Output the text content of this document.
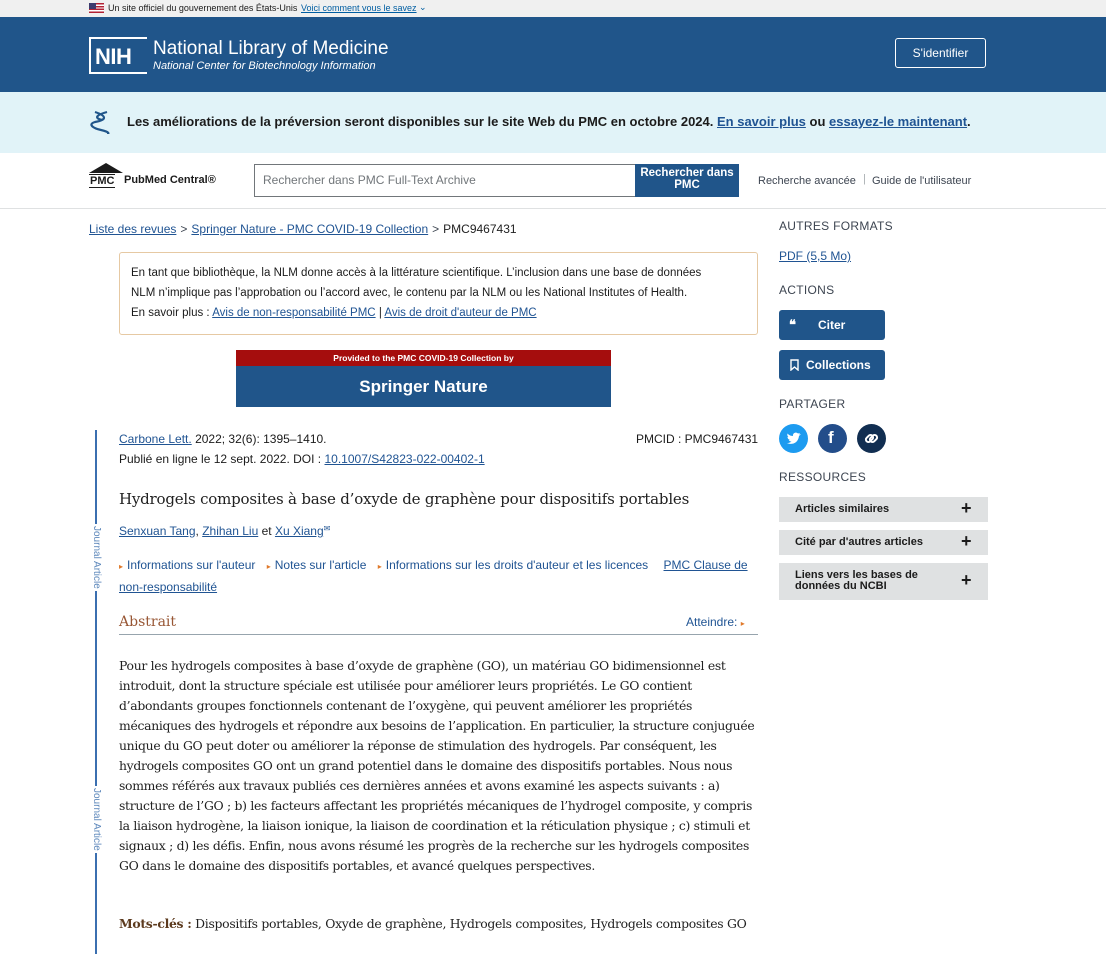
Un site officiel du gouvernement des États-Unis Voici comment vous le savez ⌄
NIH National Library of Medicine
National Center for Biotechnology Information
S'identifier
Les améliorations de la préversion seront disponibles sur le site Web du PMC en octobre 2024. En savoir plus ou essayez-le maintenant.
PMC PubMed Central®	Rechercher dans PMC Full-Text Archive	Rechercher dans PMC	Recherche avancée | Guide de l'utilisateur
Liste des revues > Springer Nature - PMC COVID-19 Collection > PMC9467431
En tant que bibliothèque, la NLM donne accès à la littérature scientifique. L’inclusion dans une base de données
NLM n’implique pas l’approbation ou l’accord avec, le contenu par la NLM ou les National Institutes of Health.
En savoir plus : Avis de non-responsabilité PMC | Avis de droit d'auteur de PMC
Provided to the PMC COVID-19 Collection by
Springer Nature
Journal Article
Journal Article
Carbone Lett. 2022; 32(6): 1395–1410.	PMCID : PMC9467431
Publié en ligne le 12 sept. 2022. DOI : 10.1007/S42823-022-00402-1
Hydrogels composites à base d’oxyde de graphène pour dispositifs portables
Senxuan Tang, Zhihan Liu et Xu Xiang✉
▸ Informations sur l'auteur ▸ Notes sur l'article ▸ Informations sur les droits d'auteur et les licences PMC Clause de non-responsabilité
Abstrait	Atteindre: ▸
Pour les hydrogels composites à base d’oxyde de graphène (GO), un matériau GO bidimensionnel est introduit, dont la structure spéciale est utilisée pour améliorer leurs propriétés. Le GO contient d’abondants groupes fonctionnels contenant de l’oxygène, qui peuvent améliorer les propriétés mécaniques des hydrogels et répondre aux besoins de l’application. En particulier, la structure conjuguée unique du GO peut doter ou améliorer la réponse de stimulation des hydrogels. Par conséquent, les hydrogels composites GO ont un grand potentiel dans le domaine des dispositifs portables. Nous nous sommes référés aux travaux publiés ces dernières années et avons examiné les aspects suivants : a) structure de l’GO ; b) les facteurs affectant les propriétés mécaniques de l’hydrogel composite, y compris la liaison hydrogène, la liaison ionique, la liaison de coordination et la réticulation physique ; c) stimuli et signaux ; d) les défis. Enfin, nous avons résumé les progrès de la recherche sur les hydrogels composites GO dans le domaine des dispositifs portables, et avancé quelques perspectives.
Mots-clés : Dispositifs portables, Oxyde de graphène, Hydrogels composites, Hydrogels composites GO
AUTRES FORMATS
PDF (5,5 Mo)
ACTIONS
❝ Citer
Collections
PARTAGER
f
RESSOURCES
Articles similaires	+
Cité par d'autres articles +
Liens vers les bases de données du NCBI	+
